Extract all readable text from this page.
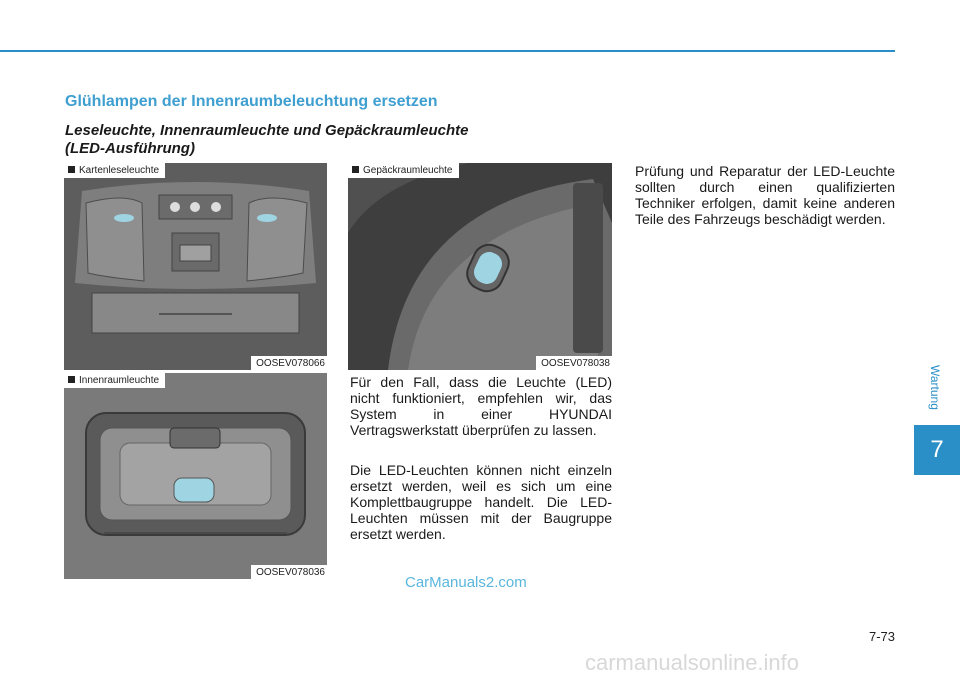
Glühlampen der Innenraumbeleuchtung ersetzen
Leseleuchte, Innenraumleuchte und Gepäckraumleuchte
(LED-Ausführung)
Kartenleseleuchte
OOSEV078066
Gepäckraumleuchte
OOSEV078038
Innenraumleuchte
OOSEV078036

Für den Fall, dass die Leuchte (LED) nicht funktioniert, empfehlen wir, das System in einer HYUNDAI Vertragswerkstatt überprüfen zu lassen.

Die LED-Leuchten können nicht einzeln ersetzt werden, weil es sich um eine Komplettbaugruppe handelt. Die LED-Leuchten müssen mit der Baugruppe ersetzt werden.

Prüfung und Reparatur der LED-Leuchte sollten durch einen qualifizierten Techniker erfolgen, damit keine anderen Teile des Fahrzeugs beschädigt werden.

Wartung
7
CarManuals2.com
7-73
carmanualsonline.info
